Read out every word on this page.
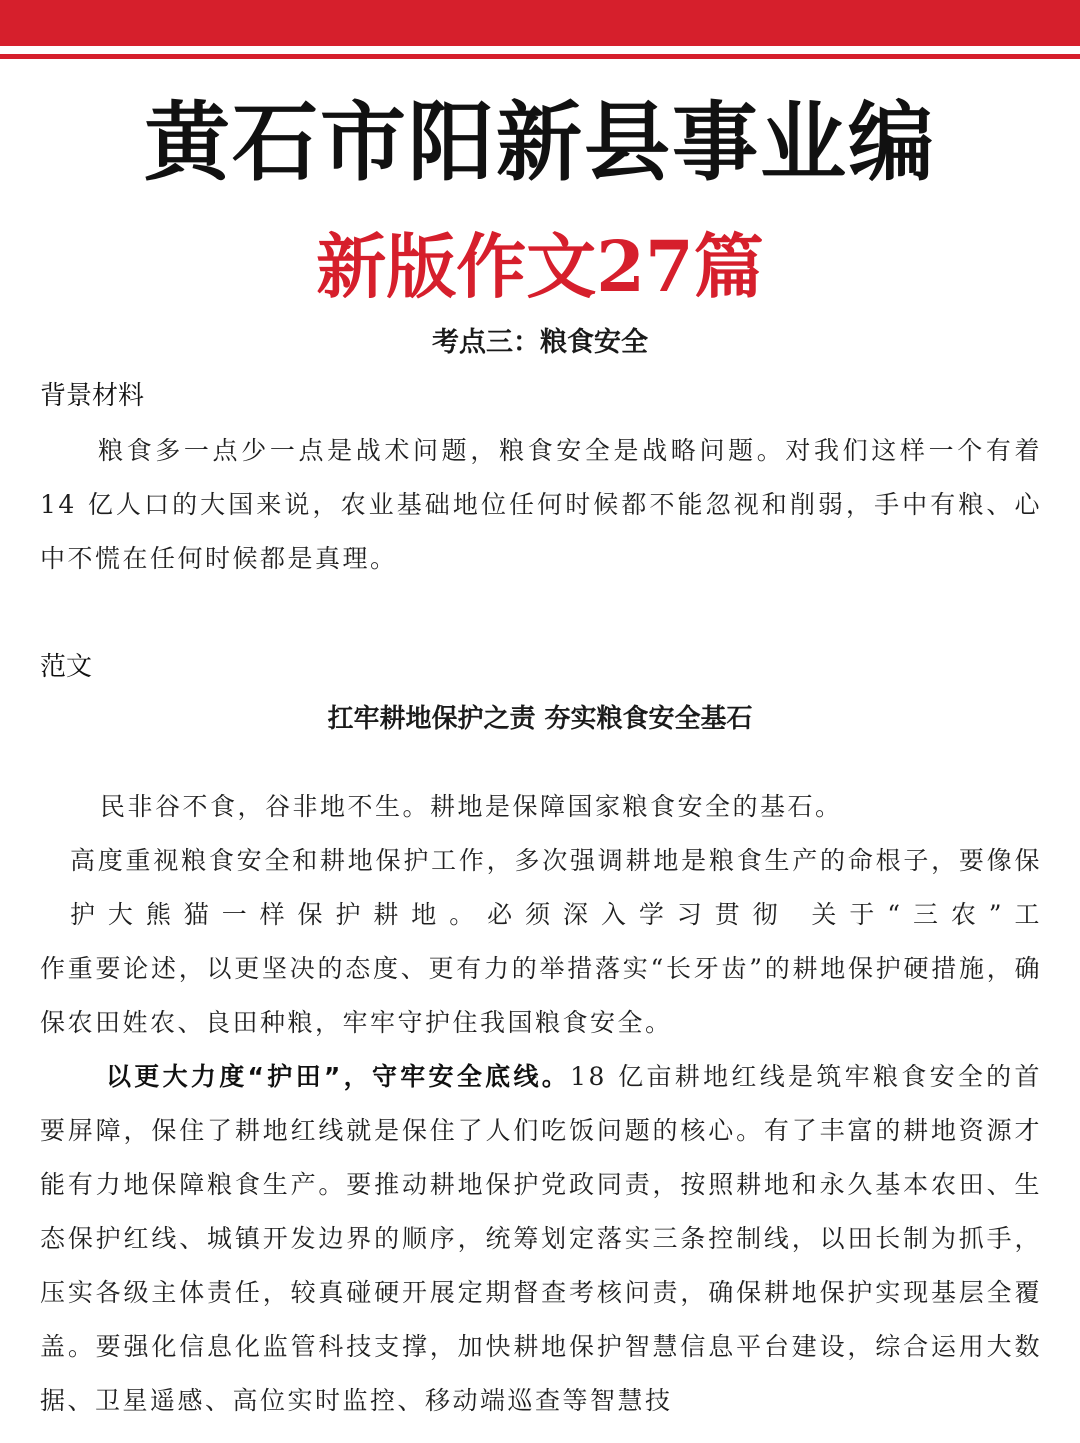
黄石市阳新县事业编
新版作文27篇
考点三：粮食安全
背景材料

粮食多一点少一点是战术问题，粮食安全是战略问题。对我们这样一个有着 14 亿人口的大国来说，农业基础地位任何时候都不能忽视和削弱，手中有粮、心中不慌在任何时候都是真理。

范文
扛牢耕地保护之责 夯实粮食安全基石

民非谷不食，谷非地不生。耕地是保障国家粮食安全的基石。

高度重视粮食安全和耕地保护工作，多次强调耕地是粮食生产的命根子，要像保护大熊猫一样保护耕地。必须深入学习贯彻 关于“三农”工
作重要论述，以更坚决的态度、更有力的举措落实“长牙齿”的耕地保护硬措施，确保农田姓农、良田种粮，牢牢守护住我国粮食安全。

以更大力度“护田”，守牢安全底线。18 亿亩耕地红线是筑牢粮食安全的首要屏障，保住了耕地红线就是保住了人们吃饭问题的核心。有了丰富的耕地资源才能有力地保障粮食生产。要推动耕地保护党政同责，按照耕地和永久基本农田、生态保护红线、城镇开发边界的顺序，统筹划定落实三条控制线，以田长制为抓手，压实各级主体责任，较真碰硬开展定期督查考核问责，确保耕地保护实现基层全覆盖。要强化信息化监管科技支撑，加快耕地保护智慧信息平台建设，综合运用大数据、卫星遥感、高位实时监控、移动端巡查等智慧技
